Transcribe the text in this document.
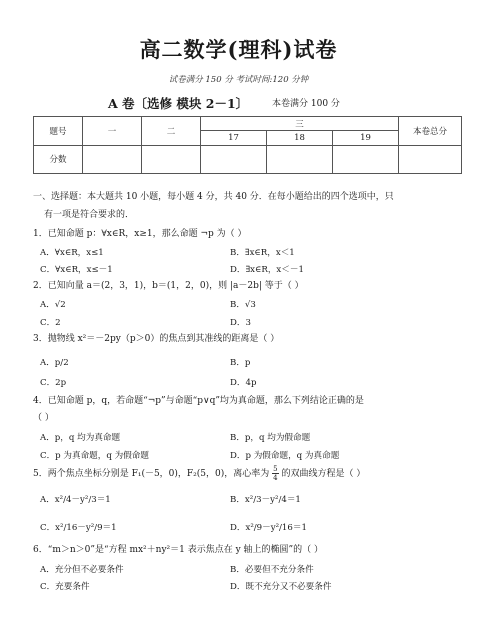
高二数学(理科)试卷
试卷满分 150 分 考试时间:120 分钟
A 卷〔选修 模块 2－1〕	本卷满分 100 分
题号	一	二	三			本卷总分
			17	18	19	
分数						
一、选择题：本大题共 10 小题，每小题 4 分，共 40 分．在每小题给出的四个选项中，只
有一项是符合要求的．
1．已知命题 p：∀x∈R，x≥1，那么命题 ¬p 为（ ）
A．∀x∈R，x≤1	B．∃x∈R，x＜1
C．∀x∈R，x≤－1	D．∃x∈R，x＜－1
2．已知向量 a＝(2，3，1)，b＝(1，2，0)，则 |a－2b| 等于（ ）
A．√2	B．√3
C．2	D．3
3．抛物线 x²＝－2py（p＞0）的焦点到其准线的距离是（ ）
A．p/2	B．p
C．2p	D．4p
4．已知命题 p，q，若命题“¬p”与命题“p∨q”均为真命题，那么下列结论正确的是
（ ）
A．p，q 均为真命题	B．p，q 均为假命题
C．p 为真命题，q 为假命题	D．p 为假命题，q 为真命题
5．两个焦点坐标分别是 F₁(－5，0)，F₂(5，0)，离心率为 $\frac{5}{4}$ 的双曲线方程是（ ）
A．x²/4－y²/3＝1	B．x²/3－y²/4＝1
C．x²/16－y²/9＝1	D．x²/9－y²/16＝1
6．“m＞n＞0”是“方程 mx²＋ny²＝1 表示焦点在 y 轴上的椭圆”的（ ）
A．充分但不必要条件	B．必要但不充分条件
C．充要条件	D．既不充分又不必要条件
